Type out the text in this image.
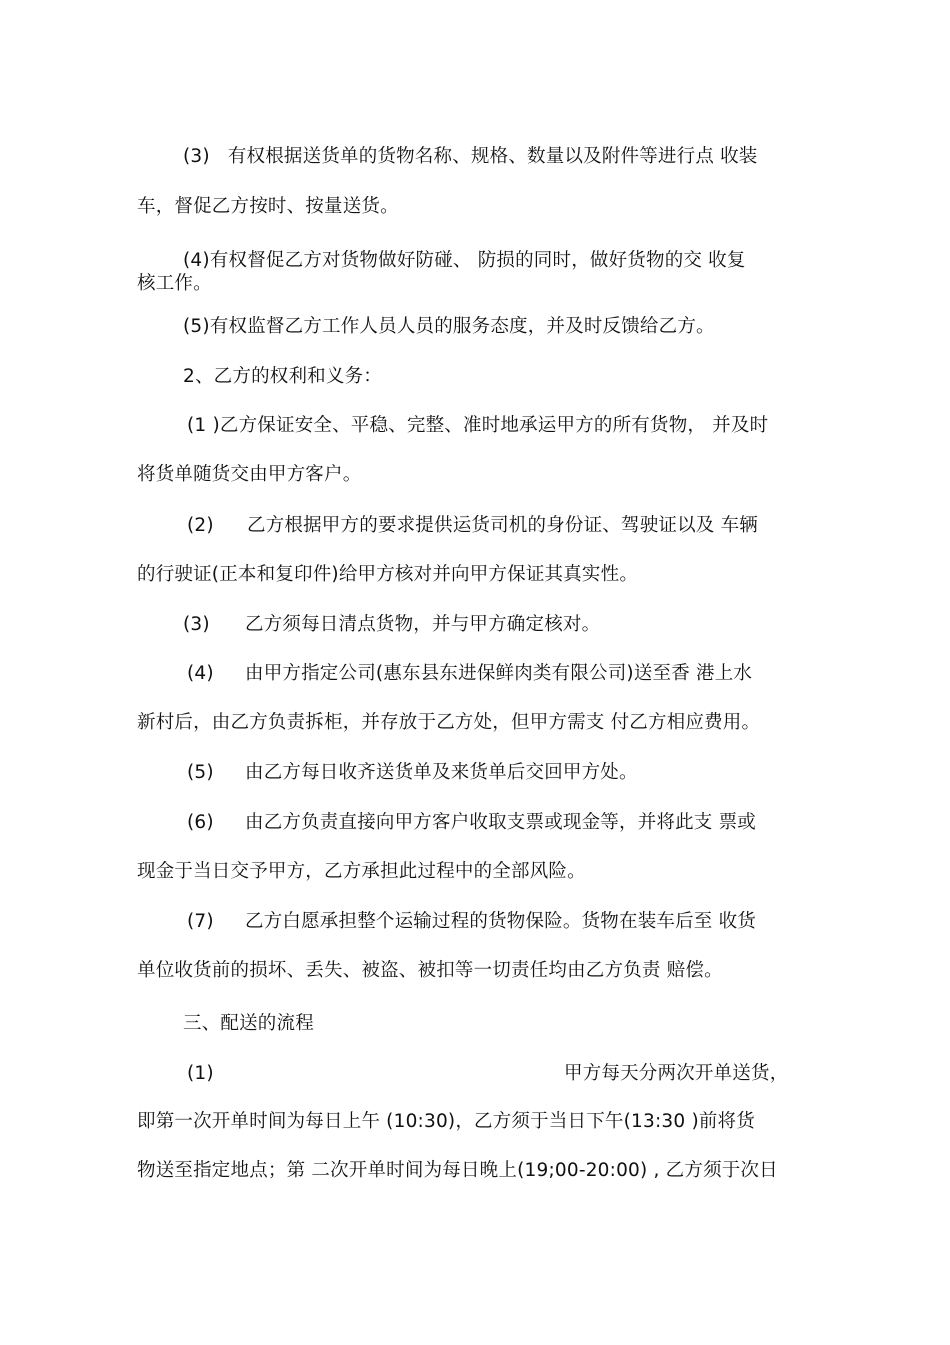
(3) 有权根据送货单的货物名称、规格、数量以及附件等进行点 收装
车，督促乙方按时、按量送货。
(4)有权督促乙方对货物做好防碰、 防损的同时，做好货物的交 收复
核工作。
(5)有权监督乙方工作人员人员的服务态度，并及时反馈给乙方。
2、乙方的权利和义务：
(1 )乙方保证安全、平稳、完整、准时地承运甲方的所有货物， 并及时
将货单随货交由甲方客户。
(2) 乙方根据甲方的要求提供运货司机的身份证、驾驶证以及 车辆
的行驶证(正本和复印件)给甲方核对并向甲方保证其真实性。
(3) 乙方须每日清点货物，并与甲方确定核对。
(4) 由甲方指定公司(惠东县东进保鲜肉类有限公司)送至香 港上水
新村后，由乙方负责拆柜，并存放于乙方处，但甲方需支 付乙方相应费用。
(5) 由乙方每日收齐送货单及来货单后交回甲方处。
(6) 由乙方负责直接向甲方客户收取支票或现金等，并将此支 票或
现金于当日交予甲方，乙方承担此过程中的全部风险。
(7) 乙方白愿承担整个运输过程的货物保险。货物在装车后至 收货
单位收货前的损坏、丢失、被盗、被扣等一切责任均由乙方负责 赔偿。
三、配送的流程
(1)	甲方每天分两次开单送货，
即第一次开单时间为每日上午 (10:30)，乙方须于当日下午(13:30 )前将货
物送至指定地点；第 二次开单时间为每日晚上(19;00-20:00) , 乙方须于次日
